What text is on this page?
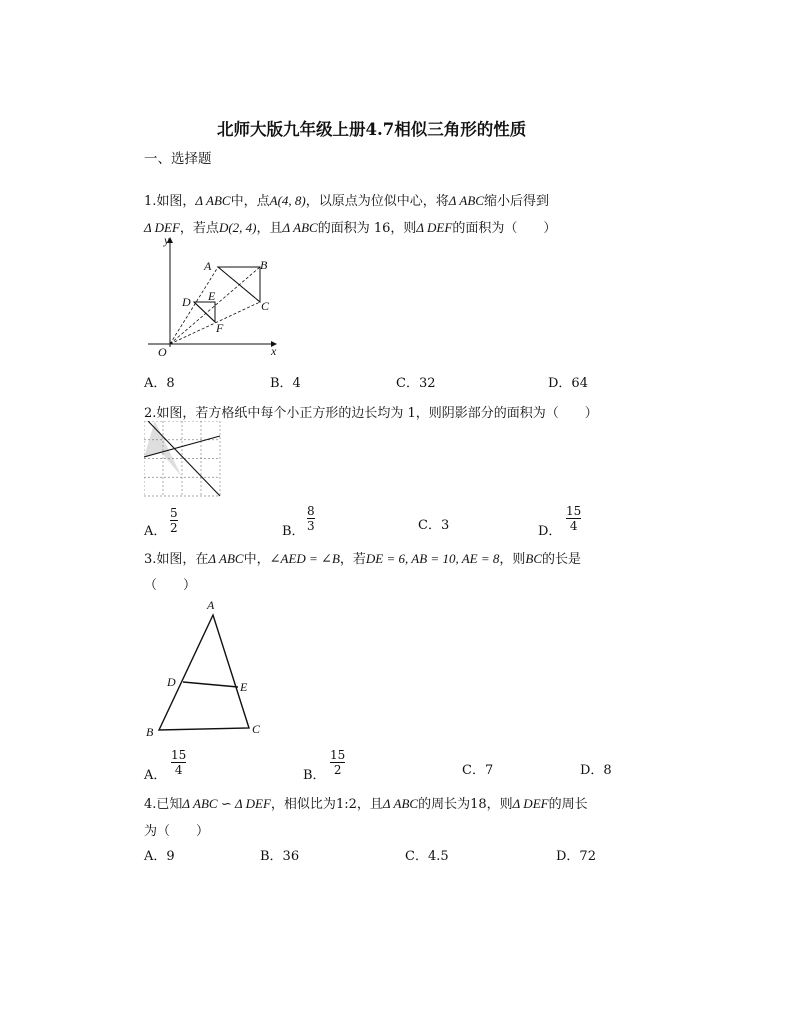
北师大版九年级上册4.7相似三角形的性质
一、选择题
1.如图，Δ ABC中，点A(4, 8)，以原点为位似中心，将Δ ABC缩小后得到
Δ DEF，若点D(2, 4)，且Δ ABC的面积为 16，则Δ DEF的面积为（　　）
y
x
O
A	B
C
D E
F
A．8	B．4	C．32	D．64
2.如图，若方格纸中每个小正方形的边长均为 1，则阴影部分的面积为（　　）
A．
5
2	B．
8
3	C．3	D．
15
4
3.如图，在Δ ABC中，∠AED = ∠B，若DE = 6, AB = 10, AE = 8，则BC的长是
（　　）
A
B	C
D	E
A．
15
4	B．
15
2	C．7	D．8
4.已知Δ ABC ∽ Δ DEF，相似比为1:2，且Δ ABC的周长为18，则Δ DEF的周长
为（　　）
A．9	B．36	C．4.5	D．72
